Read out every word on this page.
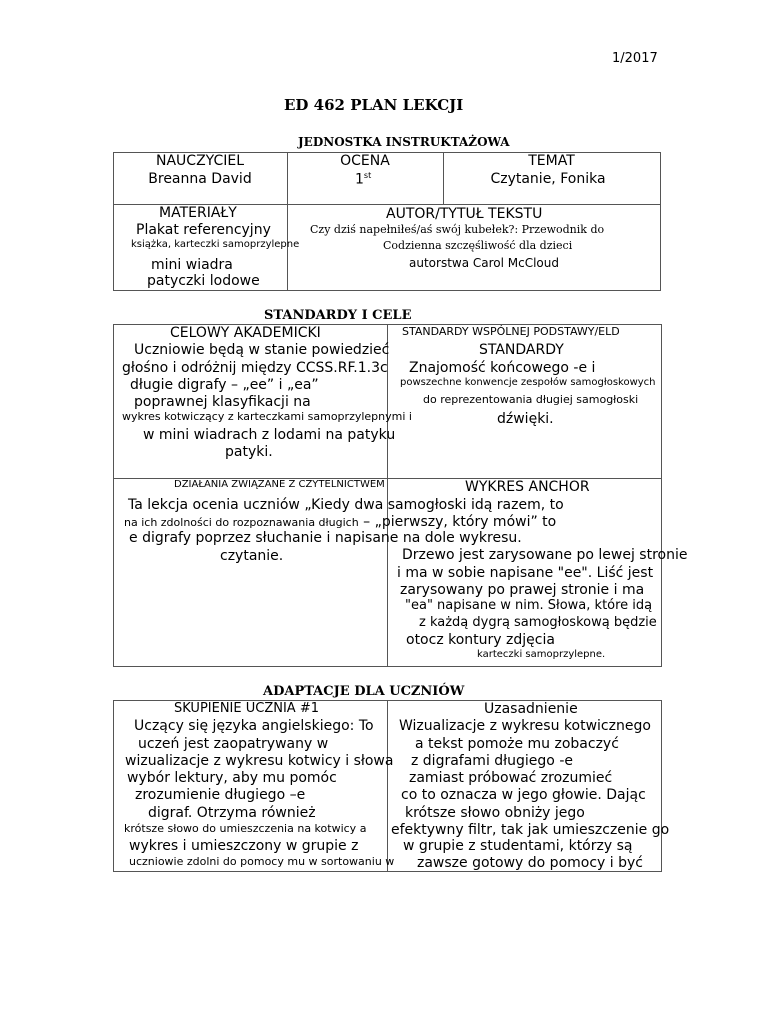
1/2017
ED 462 PLAN LEKCJI
JEDNOSTKA INSTRUKTAŻOWA
NAUCZYCIEL
Breanna David
OCENA
1st
TEMAT
Czytanie, Fonika
MATERIAŁY
Plakat referencyjny
książka, karteczki samoprzylepne
mini wiadra
patyczki lodowe
AUTOR/TYTUŁ TEKSTU
Czy dziś napełniłeś/aś swój kubełek?: Przewodnik do
Codzienna szczęśliwość dla dzieci
autorstwa Carol McCloud
STANDARDY I CELE
CELOWY AKADEMICKI
Uczniowie będą w stanie powiedzieć
głośno i odróżnij między CCSS.RF.1.3c
długie digrafy – „ee” i „ea”
poprawnej klasyfikacji na
wykres kotwiczący z karteczkami samoprzylepnymi i
w mini wiadrach z lodami na patyku
patyki.
STANDARDY WSPÓLNEJ PODSTAWY/ELD
STANDARDY
Znajomość końcowego -e i
powszechne konwencje zespołów samogłoskowych
do reprezentowania długiej samogłoski
dźwięki.
DZIAŁANIA ZWIĄZANE Z CZYTELNICTWEM
Ta lekcja ocenia uczniów „Kiedy dwa samogłoski idą razem, to
na ich zdolności do rozpoznawania długich – „pierwszy, który mówi” to
e digrafy poprzez słuchanie i napisane na dole wykresu.
czytanie.
WYKRES ANCHOR
Drzewo jest zarysowane po lewej stronie
i ma w sobie napisane "ee". Liść jest
zarysowany po prawej stronie i ma
"ea" napisane w nim. Słowa, które idą
z każdą dygrą samogłoskową będzie
otocz kontury zdjęcia
karteczki samoprzylepne.
ADAPTACJE DLA UCZNIÓW
SKUPIENIE UCZNIA #1
Uczący się języka angielskiego: To
uczeń jest zaopatrywany w
wizualizacje z wykresu kotwicy i słowa
wybór lektury, aby mu pomóc
zrozumienie długiego –e
digraf. Otrzyma również
krótsze słowo do umieszczenia na kotwicy a
wykres i umieszczony w grupie z
uczniowie zdolni do pomocy mu w sortowaniu w
Uzasadnienie
Wizualizacje z wykresu kotwicznego
a tekst pomoże mu zobaczyć
z digrafami długiego -e
zamiast próbować zrozumieć
co to oznacza w jego głowie. Dając
krótsze słowo obniży jego
efektywny filtr, tak jak umieszczenie go
w grupie z studentami, którzy są
zawsze gotowy do pomocy i być
